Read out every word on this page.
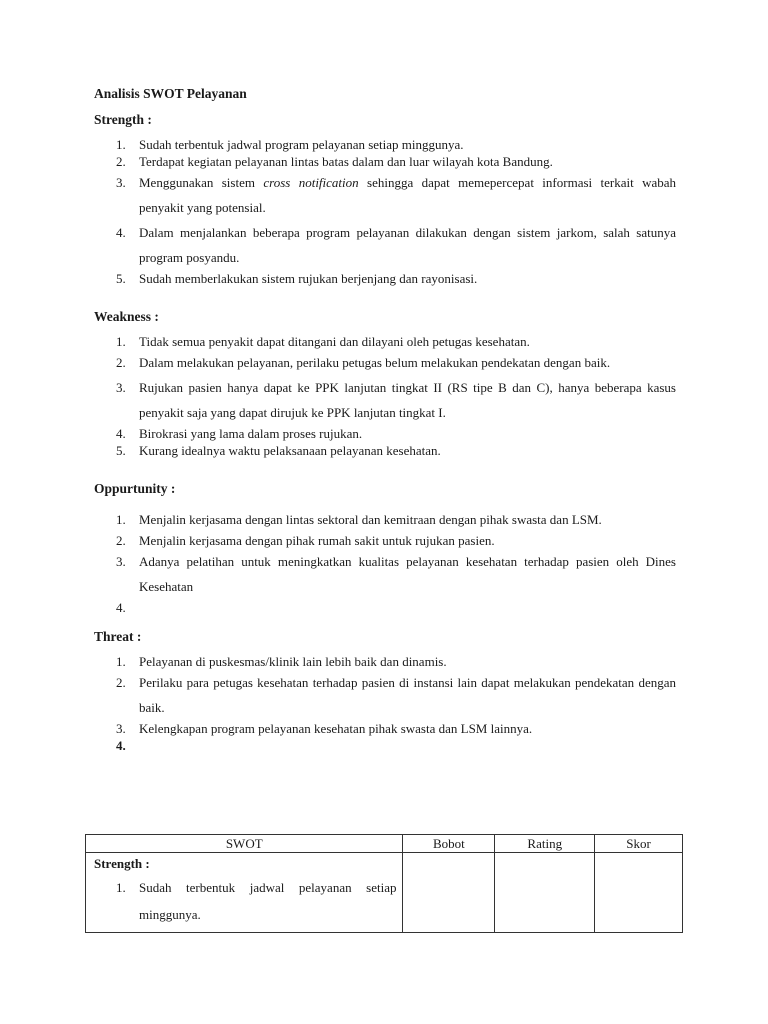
Analisis SWOT Pelayanan
Strength :
1. Sudah terbentuk jadwal program pelayanan setiap minggunya.
2. Terdapat kegiatan pelayanan lintas batas dalam dan luar wilayah kota Bandung.
3. Menggunakan sistem cross notification sehingga dapat memepercepat informasi terkait wabah penyakit yang potensial.
4. Dalam menjalankan beberapa program pelayanan dilakukan dengan sistem jarkom, salah satunya program posyandu.
5. Sudah memberlakukan sistem rujukan berjenjang dan rayonisasi.
Weakness :
1. Tidak semua penyakit dapat ditangani dan dilayani oleh petugas kesehatan.
2. Dalam melakukan pelayanan, perilaku petugas belum melakukan pendekatan dengan baik.
3. Rujukan pasien hanya dapat ke PPK lanjutan tingkat II (RS tipe B dan C), hanya beberapa kasus penyakit saja yang dapat dirujuk ke PPK lanjutan tingkat I.
4. Birokrasi yang lama dalam proses rujukan.
5. Kurang idealnya waktu pelaksanaan pelayanan kesehatan.
Oppurtunity :
1. Menjalin kerjasama dengan lintas sektoral dan kemitraan dengan pihak swasta dan LSM.
2. Menjalin kerjasama dengan pihak rumah sakit untuk rujukan pasien.
3. Adanya pelatihan untuk meningkatkan kualitas pelayanan kesehatan terhadap pasien oleh Dines Kesehatan
4.
Threat :
1. Pelayanan di puskesmas/klinik lain lebih baik dan dinamis.
2. Perilaku para petugas kesehatan terhadap pasien di instansi lain dapat melakukan pendekatan dengan baik.
3. Kelengkapan program pelayanan kesehatan pihak swasta dan LSM lainnya.
4.
SWOT	Bobot	Rating	Skor

Strength :
1. Sudah terbentuk jadwal pelayanan setiap minggunya.			
